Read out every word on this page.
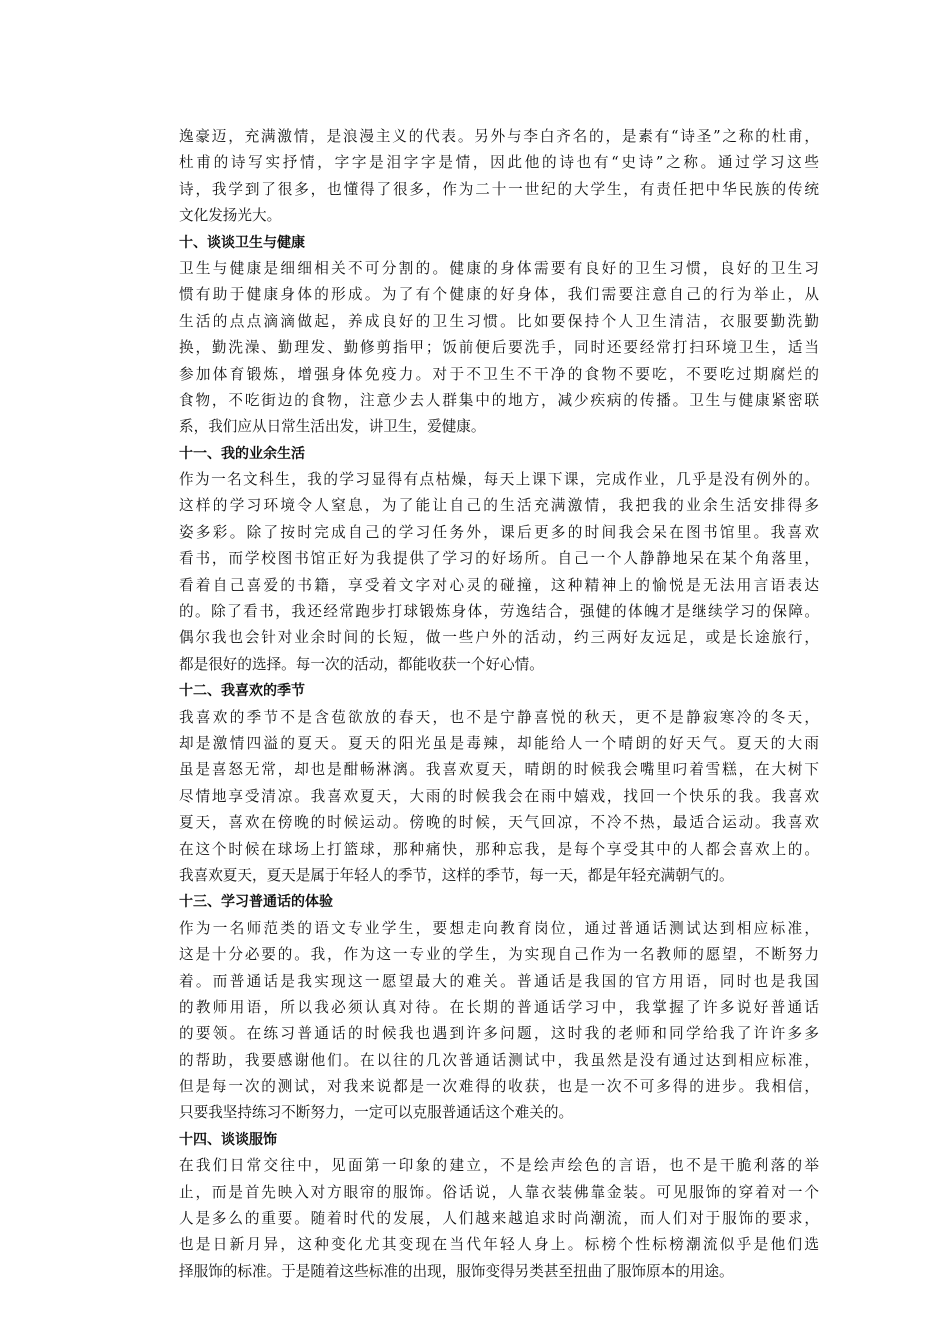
逸豪迈，充满激情，是浪漫主义的代表。另外与李白齐名的，是素有“诗圣”之称的杜甫，
杜甫的诗写实抒情，字字是泪字字是情，因此他的诗也有“史诗”之称。通过学习这些
诗，我学到了很多，也懂得了很多，作为二十一世纪的大学生，有责任把中华民族的传统
文化发扬光大。
十、谈谈卫生与健康
卫生与健康是细细相关不可分割的。健康的身体需要有良好的卫生习惯，良好的卫生习
惯有助于健康身体的形成。为了有个健康的好身体，我们需要注意自己的行为举止，从
生活的点点滴滴做起，养成良好的卫生习惯。比如要保持个人卫生清洁，衣服要勤洗勤
换，勤洗澡、勤理发、勤修剪指甲；饭前便后要洗手，同时还要经常打扫环境卫生，适当
参加体育锻炼，增强身体免疫力。对于不卫生不干净的食物不要吃，不要吃过期腐烂的
食物，不吃街边的食物，注意少去人群集中的地方，减少疾病的传播。卫生与健康紧密联
系，我们应从日常生活出发，讲卫生，爱健康。
十一、我的业余生活
作为一名文科生，我的学习显得有点枯燥，每天上课下课，完成作业，几乎是没有例外的。
这样的学习环境令人窒息，为了能让自己的生活充满激情，我把我的业余生活安排得多
姿多彩。除了按时完成自己的学习任务外，课后更多的时间我会呆在图书馆里。我喜欢
看书，而学校图书馆正好为我提供了学习的好场所。自己一个人静静地呆在某个角落里，
看着自己喜爱的书籍，享受着文字对心灵的碰撞，这种精神上的愉悦是无法用言语表达
的。除了看书，我还经常跑步打球锻炼身体，劳逸结合，强健的体魄才是继续学习的保障。
偶尔我也会针对业余时间的长短，做一些户外的活动，约三两好友远足，或是长途旅行，
都是很好的选择。每一次的活动，都能收获一个好心情。
十二、我喜欢的季节
我喜欢的季节不是含苞欲放的春天，也不是宁静喜悦的秋天，更不是静寂寒冷的冬天，
却是激情四溢的夏天。夏天的阳光虽是毒辣，却能给人一个晴朗的好天气。夏天的大雨
虽是喜怒无常，却也是酣畅淋漓。我喜欢夏天，晴朗的时候我会嘴里叼着雪糕，在大树下
尽情地享受清凉。我喜欢夏天，大雨的时候我会在雨中嬉戏，找回一个快乐的我。我喜欢
夏天，喜欢在傍晚的时候运动。傍晚的时候，天气回凉，不冷不热，最适合运动。我喜欢
在这个时候在球场上打篮球，那种痛快，那种忘我，是每个享受其中的人都会喜欢上的。
我喜欢夏天，夏天是属于年轻人的季节，这样的季节，每一天，都是年轻充满朝气的。
十三、学习普通话的体验
作为一名师范类的语文专业学生，要想走向教育岗位，通过普通话测试达到相应标准，
这是十分必要的。我，作为这一专业的学生，为实现自己作为一名教师的愿望，不断努力
着。而普通话是我实现这一愿望最大的难关。普通话是我国的官方用语，同时也是我国
的教师用语，所以我必须认真对待。在长期的普通话学习中，我掌握了许多说好普通话
的要领。在练习普通话的时候我也遇到许多问题，这时我的老师和同学给我了许许多多
的帮助，我要感谢他们。在以往的几次普通话测试中，我虽然是没有通过达到相应标准，
但是每一次的测试，对我来说都是一次难得的收获，也是一次不可多得的进步。我相信，
只要我坚持练习不断努力，一定可以克服普通话这个难关的。
十四、谈谈服饰
在我们日常交往中，见面第一印象的建立，不是绘声绘色的言语，也不是干脆利落的举
止，而是首先映入对方眼帘的服饰。俗话说，人靠衣装佛靠金装。可见服饰的穿着对一个
人是多么的重要。随着时代的发展，人们越来越追求时尚潮流，而人们对于服饰的要求，
也是日新月异，这种变化尤其变现在当代年轻人身上。标榜个性标榜潮流似乎是他们选
择服饰的标准。于是随着这些标准的出现，服饰变得另类甚至扭曲了服饰原本的用途。
